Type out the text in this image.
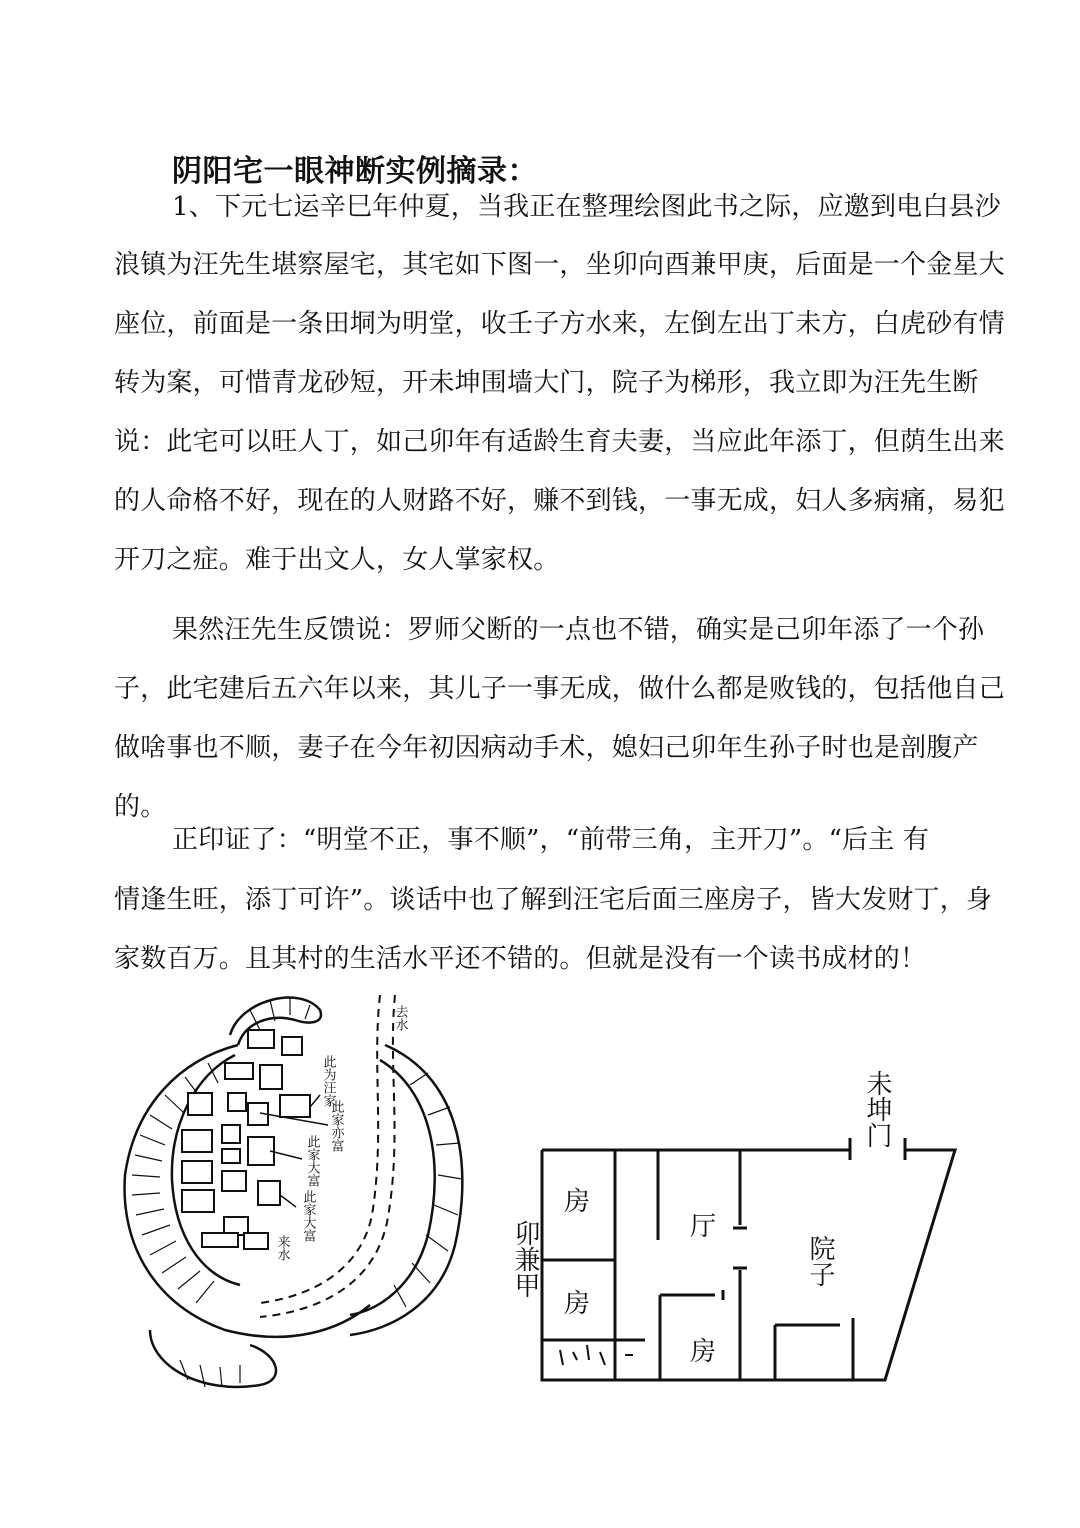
阴阳宅一眼神断实例摘录：
1、下元七运辛巳年仲夏，当我正在整理绘图此书之际，应邀到电白县沙
浪镇为汪先生堪察屋宅，其宅如下图一，坐卯向酉兼甲庚，后面是一个金星大
座位，前面是一条田垌为明堂，收壬子方水来，左倒左出丁未方，白虎砂有情
转为案，可惜青龙砂短，开未坤围墙大门，院子为梯形，我立即为汪先生断
说：此宅可以旺人丁，如己卯年有适龄生育夫妻，当应此年添丁，但荫生出来
的人命格不好，现在的人财路不好，赚不到钱，一事无成，妇人多病痛，易犯
开刀之症。难于出文人，女人掌家权。
果然汪先生反馈说：罗师父断的一点也不错，确实是己卯年添了一个孙
子，此宅建后五六年以来，其儿子一事无成，做什么都是败钱的，包括他自己
做啥事也不顺，妻子在今年初因病动手术，媳妇己卯年生孙子时也是剖腹产
的。
正印证了：“明堂不正，事不顺”，“前带三角，主开刀”。“后主 有
情逢生旺，添丁可许”。谈话中也了解到汪宅后面三座房子，皆大发财丁，身
家数百万。且其村的生活水平还不错的。但就是没有一个读书成材的！
此为汪家
此家亦富
此家大富
此家大富
去水
来水
未坤门
卯兼甲
房
房
房
厅
院子
